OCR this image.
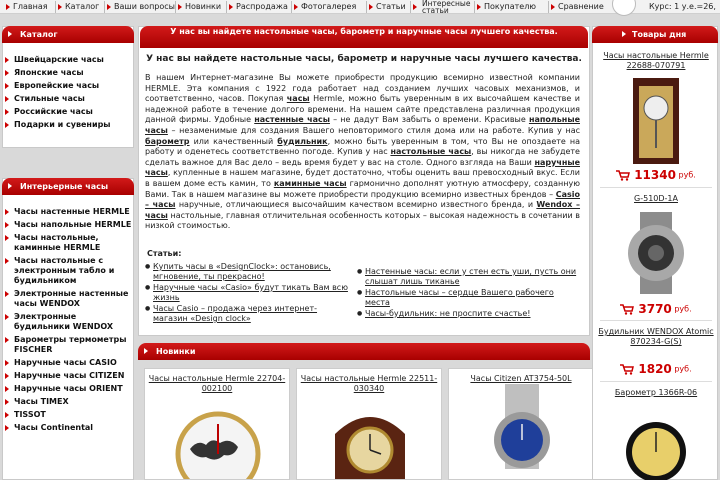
Главная	Каталог	Ваши вопросы	Новинки	Распродажа	Фотогалерея	Статьи	Интересные статьи	Покупателю	Сравнение	Курс: 1 у.е.=26,
Каталог
Швейцарские часы
Японские часы
Европейские часы
Стильные часы
Российские часы
Подарки и сувениры
Интерьерные часы
Часы настенные HERMLE
Часы напольные HERMLE
Часы настольные, каминные HERMLE
Часы настольные с электронным табло и будильником
Электронные настенные часы WENDOX
Электронные будильники WENDOX
Барометры термометры FISCHER
Наручные часы CASIO
Наручные часы CITIZEN
Наручные часы ORIENT
Часы TIMEX
TISSOT
Часы Continental
У нас вы найдете настольные часы, барометр и наручные часы лучшего качества.
У нас вы найдете настольные часы, барометр и наручные часы лучшего качества.
В нашем Интернет-магазине Вы можете приобрести продукцию всемирно известной компании HERMLE. Эта компания с 1922 года работает над созданием лучших часовых механизмов, и соответственно, часов. Покупая часы Hermle, можно быть уверенным в их высочайшем качестве и надежной работе в течение долгого времени. На нашем сайте представлена различная продукция данной фирмы. Удобные настенные часы – не дадут Вам забыть о времени. Красивые напольные часы – незаменимые для создания Вашего неповторимого стиля дома или на работе. Купив у нас барометр или качественный будильник, можно быть уверенным в том, что Вы не опоздаете на работу и оденетесь соответственно погоде. Купив у нас настольные часы, вы никогда не забудете сделать важное для Вас дело – ведь время будет у вас на столе. Одного взгляда на Ваши наручные часы, купленные в нашем магазине, будет достаточно, чтобы оценить ваш превосходный вкус. Если в вашем доме есть камин, то каминные часы гармонично дополнят уютную атмосферу, созданную Вами. Так в нашем магазине вы можете приобрести продукцию всемирно известных брендов – Casio – часы наручные, отличающиеся высочайшим качеством всемирно известного бренда, и Wendox – часы настольные, главная отличительная особенность которых – высокая надежность в сочетании в низкой стоимостью.
Статьи:
● Купить часы в «DesignClock»: остановись, мгновение, ты прекрасно!
● Наручные часы «Casio» будут тикать Вам всю жизнь
● Часы Casio – продажа через интернет-магазин «Design clock»
● Настенные часы: если у стен есть уши, пусть они слышат лишь тиканье
● Настольные часы – сердце Вашего рабочего места
● Часы-будильник: не проспите счастье!
Новинки
Часы настольные Hermle 22704-002100
Часы настольные Hermle 22511-030340
Часы Citizen AT3754-50L
Товары дня
Часы настольные Hermle 22688-070791
11340 руб.
G-510D-1A
3770 руб.
Будильник WENDOX Atomic 870234-G(S)
1820 руб.
Барометр 1366R-06
